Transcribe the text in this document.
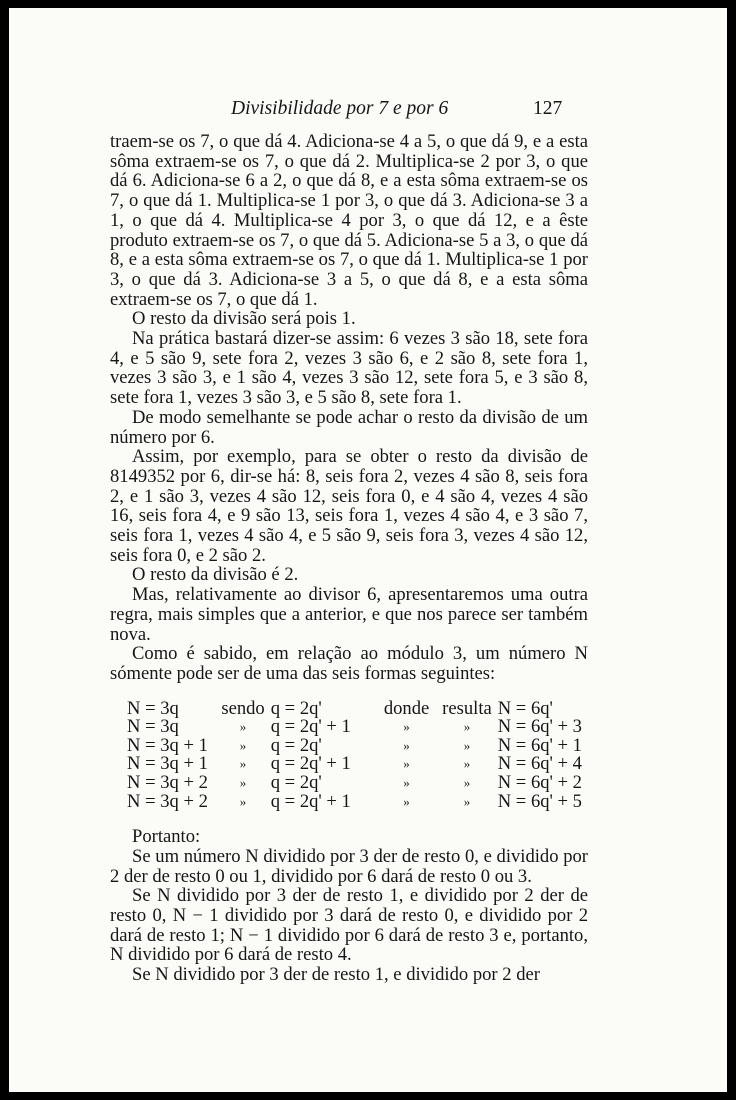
Divisibilidade por 7 e por 6	127

traem-se os 7, o que dá 4. Adiciona-se 4 a 5, o que dá 9, e a esta sôma extraem-se os 7, o que dá 2. Multiplica-se 2 por 3, o que dá 6. Adiciona-se 6 a 2, o que dá 8, e a esta sôma extraem-se os 7, o que dá 1. Multiplica-se 1 por 3, o que dá 3. Adiciona-se 3 a 1, o que dá 4. Multiplica-se 4 por 3, o que dá 12, e a êste produto extraem-se os 7, o que dá 5. Adiciona-se 5 a 3, o que dá 8, e a esta sôma extraem-se os 7, o que dá 1. Multiplica-se 1 por 3, o que dá 3. Adiciona-se 3 a 5, o que dá 8, e a esta sôma extraem-se os 7, o que dá 1.

O resto da divisão será pois 1.

Na prática bastará dizer-se assim: 6 vezes 3 são 18, sete fora 4, e 5 são 9, sete fora 2, vezes 3 são 6, e 2 são 8, sete fora 1, vezes 3 são 3, e 1 são 4, vezes 3 são 12, sete fora 5, e 3 são 8, sete fora 1, vezes 3 são 3, e 5 são 8, sete fora 1.

De modo semelhante se pode achar o resto da divisão de um número por 6.

Assim, por exemplo, para se obter o resto da divisão de 8149352 por 6, dir-se há: 8, seis fora 2, vezes 4 são 8, seis fora 2, e 1 são 3, vezes 4 são 12, seis fora 0, e 4 são 4, vezes 4 são 16, seis fora 4, e 9 são 13, seis fora 1, vezes 4 são 4, e 3 são 7, seis fora 1, vezes 4 são 4, e 5 são 9, seis fora 3, vezes 4 são 12, seis fora 0, e 2 são 2.

O resto da divisão é 2.

Mas, relativamente ao divisor 6, apresentaremos uma outra regra, mais simples que a anterior, e que nos parece ser também nova.

Como é sabido, em relação ao módulo 3, um número N sómente pode ser de uma das seis formas seguintes:

N = 3q	sendo	q = 2q'	donde	resulta	N = 6q'
N = 3q	»	q = 2q' + 1	»	»	N = 6q' + 3
N = 3q + 1	»	q = 2q'	»	»	N = 6q' + 1
N = 3q + 1	»	q = 2q' + 1	»	»	N = 6q' + 4
N = 3q + 2	»	q = 2q'	»	»	N = 6q' + 2
N = 3q + 2	»	q = 2q' + 1	»	»	N = 6q' + 5

Portanto:

Se um número N dividido por 3 der de resto 0, e dividido por 2 der de resto 0 ou 1, dividido por 6 dará de resto 0 ou 3.

Se N dividido por 3 der de resto 1, e dividido por 2 der de resto 0, N − 1 dividido por 3 dará de resto 0, e dividido por 2 dará de resto 1; N − 1 dividido por 6 dará de resto 3 e, portanto, N dividido por 6 dará de resto 4.

Se N dividido por 3 der de resto 1, e dividido por 2 der
